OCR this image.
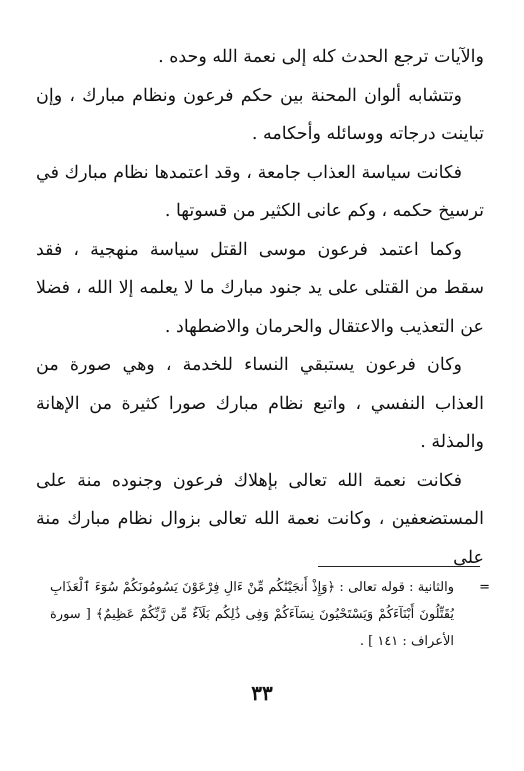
والآيات ترجع الحدث كله إلى نعمة الله وحده .

وتتشابه ألوان المحنة بين حكم فرعون ونظام مبارك ، وإن تباينت درجاته ووسائله وأحكامه .

فكانت سياسة العذاب جامعة ، وقد اعتمدها نظام مبارك في ترسيخ حكمه ، وكم عانى الكثير من قسوتها .

وكما اعتمد فرعون موسى القتل سياسة منهجية ، فقد سقط من القتلى على يد جنود مبارك ما لا يعلمه إلا الله ، فضلا عن التعذيب والاعتقال والحرمان والاضطهاد .

وكان فرعون يستبقي النساء للخدمة ، وهي صورة من العذاب النفسي ، واتبع نظام مبارك صورا كثيرة من الإهانة والمذلة .

فكانت نعمة الله تعالى بإهلاك فرعون وجنوده منة على المستضعفين ، وكانت نعمة الله تعالى بزوال نظام مبارك منة على

=
والثانية : قوله تعالى : ﴿وَإِذْ أَنجَيْنَٰكُم مِّنْ ءَالِ فِرْعَوْنَ يَسُومُونَكُمْ سُوٓءَ ٱلْعَذَابِ يُقَتِّلُونَ أَبْنَآءَكُمْ وَيَسْتَحْيُونَ نِسَآءَكُمْ وَفِى ذَٰلِكُم بَلَآءٌ مِّن رَّبِّكُمْ عَظِيمٌ﴾ [ سورة الأعراف : ١٤١ ] .
٣٣
